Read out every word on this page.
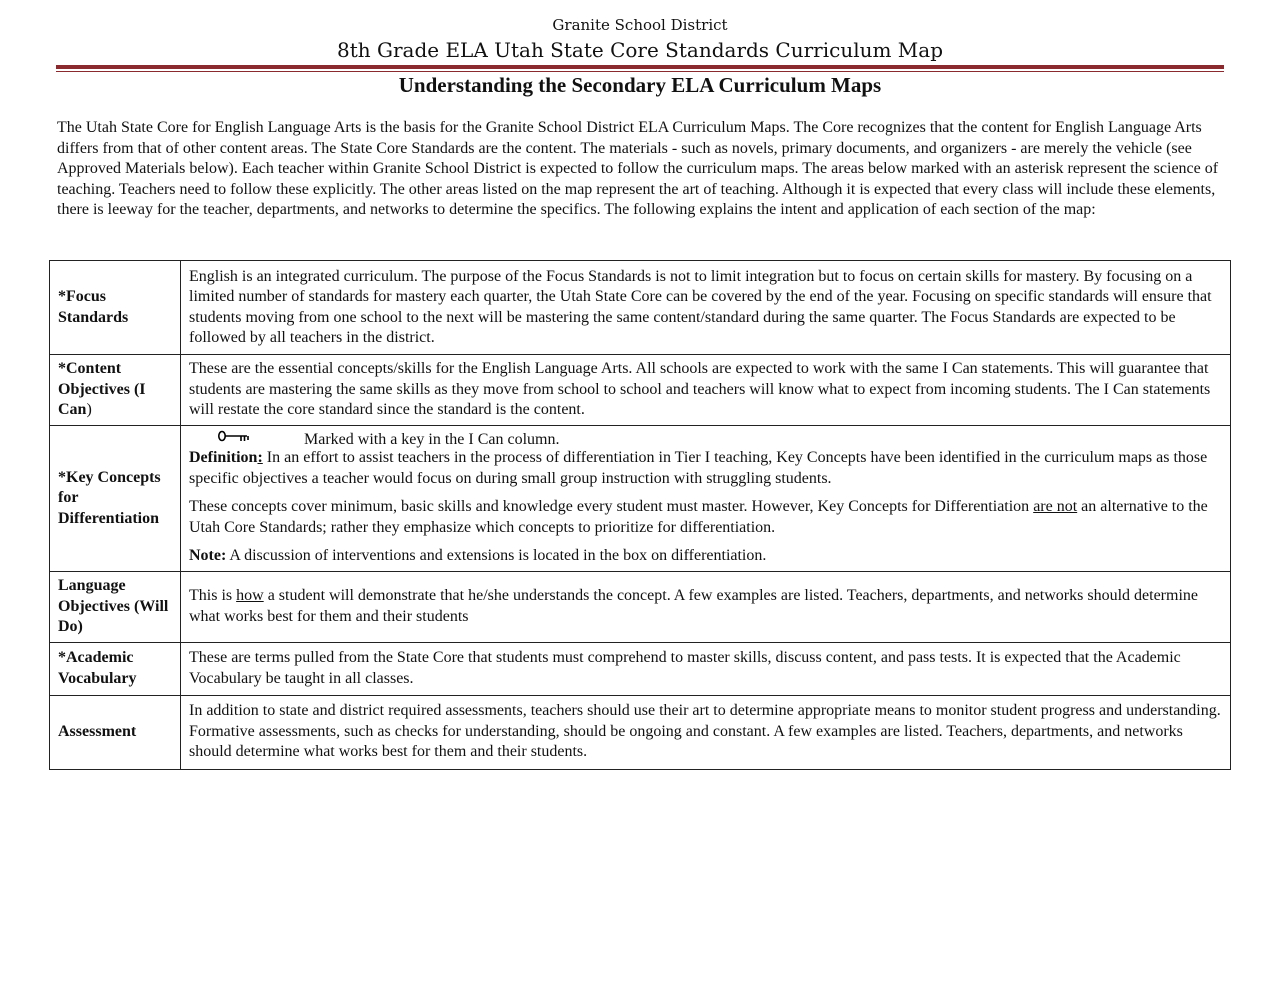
Granite School District
8th Grade ELA Utah State Core Standards Curriculum Map
Understanding the Secondary ELA Curriculum Maps

The Utah State Core for English Language Arts is the basis for the Granite School District ELA Curriculum Maps. The Core recognizes that the content for English Language Arts differs from that of other content areas. The State Core Standards are the content. The materials - such as novels, primary documents, and organizers - are merely the vehicle (see Approved Materials below). Each teacher within Granite School District is expected to follow the curriculum maps. The areas below marked with an asterisk represent the science of teaching. Teachers need to follow these explicitly. The other areas listed on the map represent the art of teaching. Although it is expected that every class will include these elements, there is leeway for the teacher, departments, and networks to determine the specifics. The following explains the intent and application of each section of the map:

*Focus Standards	English is an integrated curriculum. The purpose of the Focus Standards is not to limit integration but to focus on certain skills for mastery. By focusing on a limited number of standards for mastery each quarter, the Utah State Core can be covered by the end of the year. Focusing on specific standards will ensure that students moving from one school to the next will be mastering the same content/standard during the same quarter. The Focus Standards are expected to be followed by all teachers in the district.
*Content Objectives (I Can)	These are the essential concepts/skills for the English Language Arts. All schools are expected to work with the same I Can statements. This will guarantee that students are mastering the same skills as they move from school to school and teachers will know what to expect from incoming students. The I Can statements will restate the core standard since the standard is the content.
*Key Concepts for Differentiation	Marked with a key in the I Can column.

Definition: In an effort to assist teachers in the process of differentiation in Tier I teaching, Key Concepts have been identified in the curriculum maps as those specific objectives a teacher would focus on during small group instruction with struggling students.

These concepts cover minimum, basic skills and knowledge every student must master. However, Key Concepts for Differentiation are not an alternative to the Utah Core Standards; rather they emphasize which concepts to prioritize for differentiation.

Note: A discussion of interventions and extensions is located in the box on differentiation.

Language Objectives (Will Do)	This is how a student will demonstrate that he/she understands the concept. A few examples are listed. Teachers, departments, and networks should determine what works best for them and their students
*Academic Vocabulary	These are terms pulled from the State Core that students must comprehend to master skills, discuss content, and pass tests. It is expected that the Academic Vocabulary be taught in all classes.
Assessment	In addition to state and district required assessments, teachers should use their art to determine appropriate means to monitor student progress and understanding. Formative assessments, such as checks for understanding, should be ongoing and constant. A few examples are listed. Teachers, departments, and networks should determine what works best for them and their students.
